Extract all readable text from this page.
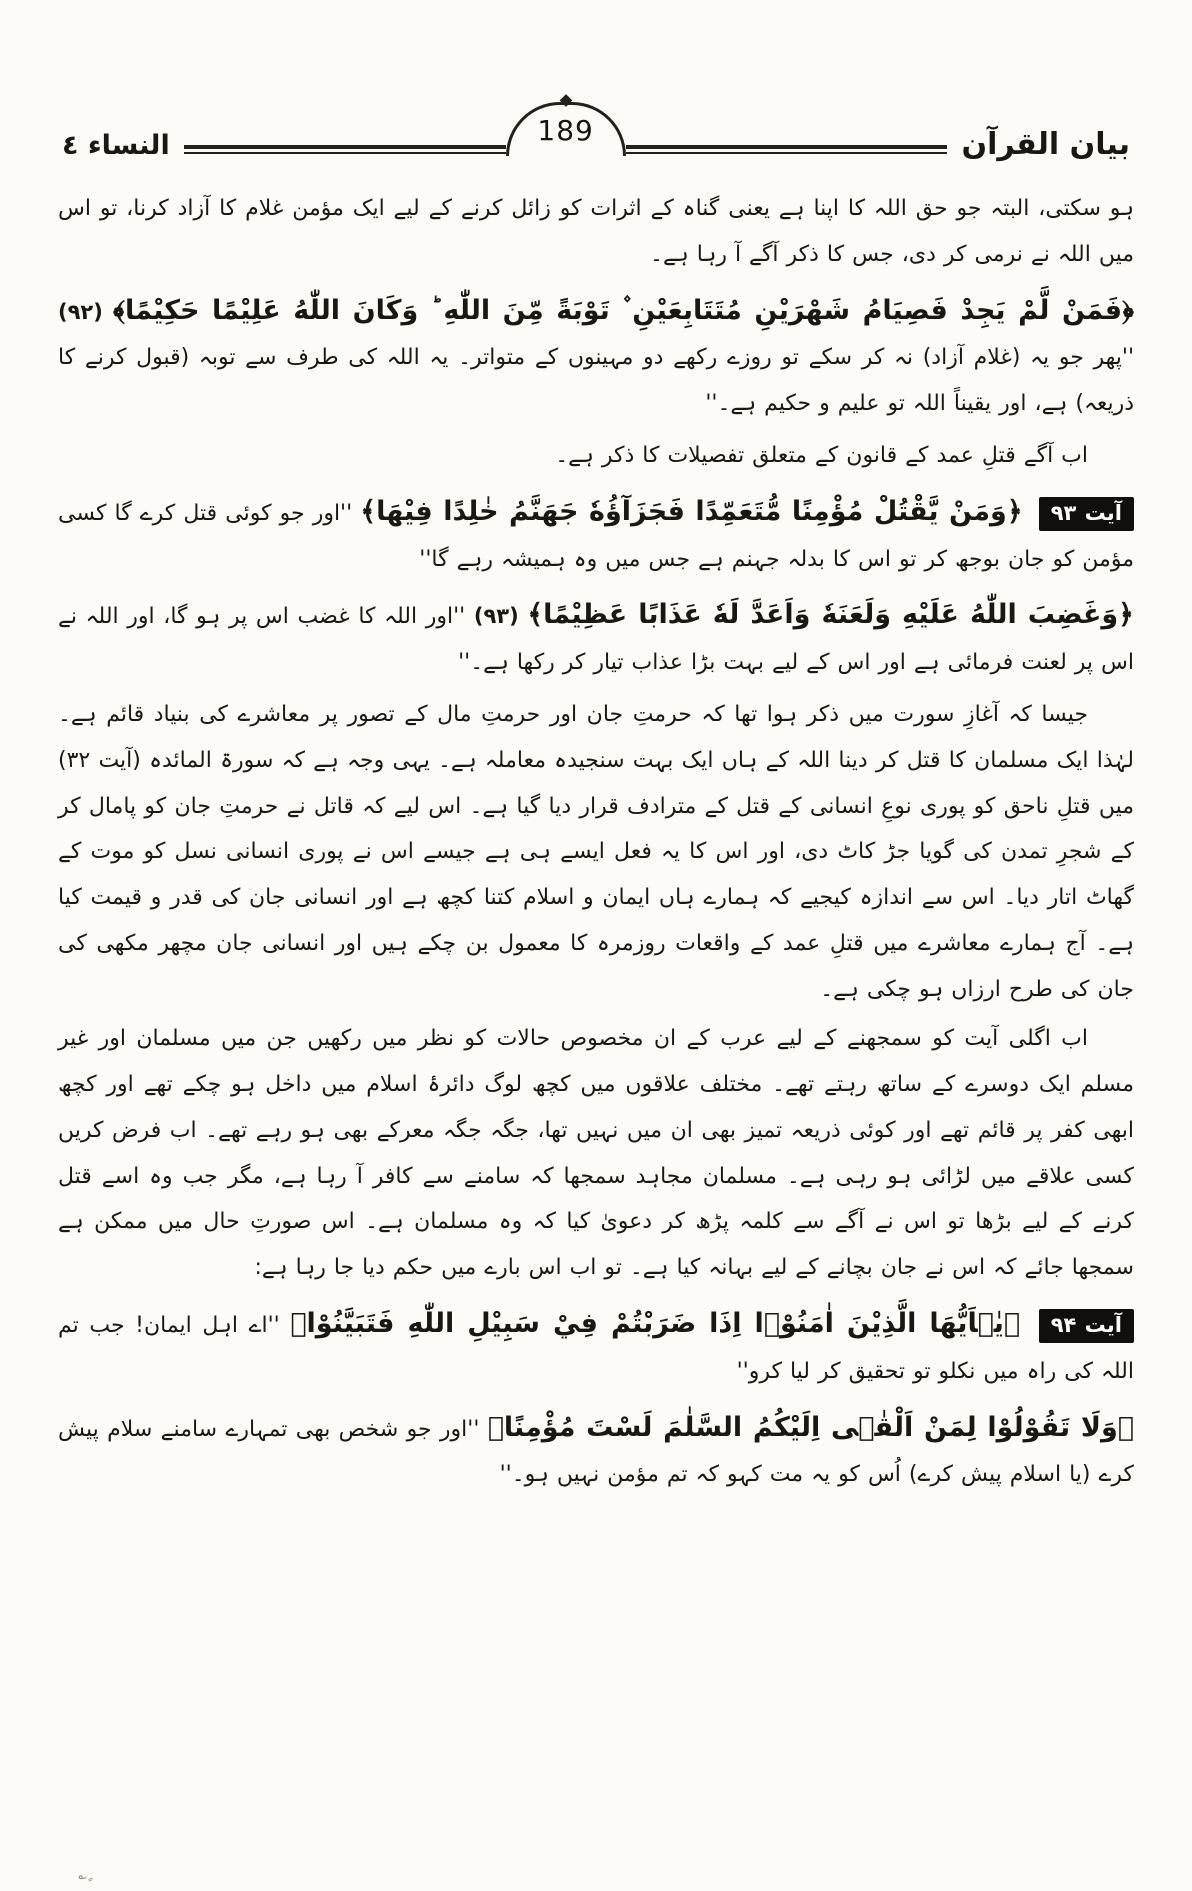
بیان القرآن
189
النساء ٤

ہو سکتی، البتہ جو حق اللہ کا اپنا ہے یعنی گناہ کے اثرات کو زائل کرنے کے لیے ایک مؤمن غلام کا آزاد کرنا، تو اس میں اللہ نے نرمی کر دی، جس کا ذکر آگے آ رہا ہے۔

﴿فَمَنْ لَّمْ يَجِدْ فَصِيَامُ شَهْرَيْنِ مُتَتَابِعَيْنِ ۫ تَوْبَةً مِّنَ اللّٰهِ ؕ وَكَانَ اللّٰهُ عَلِيْمًا حَكِيْمًا﴾ (۹۲) ''پھر جو یہ (غلام آزاد) نہ کر سکے تو روزے رکھے دو مہینوں کے متواتر۔ یہ اللہ کی طرف سے توبہ (قبول کرنے کا ذریعہ) ہے، اور یقیناً اللہ تو علیم و حکیم ہے۔''

اب آگے قتلِ عمد کے قانون کے متعلق تفصیلات کا ذکر ہے۔

آیت ۹۳ ﴿وَمَنْ يَّقْتُلْ مُؤْمِنًا مُّتَعَمِّدًا فَجَزَآؤُهٗ جَهَنَّمُ خٰلِدًا فِيْهَا﴾ ''اور جو کوئی قتل کرے گا کسی مؤمن کو جان بوجھ کر تو اس کا بدلہ جہنم ہے جس میں وہ ہمیشہ رہے گا''

﴿وَغَضِبَ اللّٰهُ عَلَيْهِ وَلَعَنَهٗ وَاَعَدَّ لَهٗ عَذَابًا عَظِيْمًا﴾ (۹۳) ''اور اللہ کا غضب اس پر ہو گا، اور اللہ نے اس پر لعنت فرمائی ہے اور اس کے لیے بہت بڑا عذاب تیار کر رکھا ہے۔''

جیسا کہ آغازِ سورت میں ذکر ہوا تھا کہ حرمتِ جان اور حرمتِ مال کے تصور پر معاشرے کی بنیاد قائم ہے۔ لہٰذا ایک مسلمان کا قتل کر دینا اللہ کے ہاں ایک بہت سنجیدہ معاملہ ہے۔ یہی وجہ ہے کہ سورۃ المائدہ (آیت ۳۲) میں قتلِ ناحق کو پوری نوعِ انسانی کے قتل کے مترادف قرار دیا گیا ہے۔ اس لیے کہ قاتل نے حرمتِ جان کو پامال کر کے شجرِ تمدن کی گویا جڑ کاٹ دی، اور اس کا یہ فعل ایسے ہی ہے جیسے اس نے پوری انسانی نسل کو موت کے گھاٹ اتار دیا۔ اس سے اندازہ کیجیے کہ ہمارے ہاں ایمان و اسلام کتنا کچھ ہے اور انسانی جان کی قدر و قیمت کیا ہے۔ آج ہمارے معاشرے میں قتلِ عمد کے واقعات روزمرہ کا معمول بن چکے ہیں اور انسانی جان مچھر مکھی کی جان کی طرح ارزاں ہو چکی ہے۔

اب اگلی آیت کو سمجھنے کے لیے عرب کے ان مخصوص حالات کو نظر میں رکھیں جن میں مسلمان اور غیر مسلم ایک دوسرے کے ساتھ رہتے تھے۔ مختلف علاقوں میں کچھ لوگ دائرۂ اسلام میں داخل ہو چکے تھے اور کچھ ابھی کفر پر قائم تھے اور کوئی ذریعہ تمیز بھی ان میں نہیں تھا، جگہ جگہ معرکے بھی ہو رہے تھے۔ اب فرض کریں کسی علاقے میں لڑائی ہو رہی ہے۔ مسلمان مجاہد سمجھا کہ سامنے سے کافر آ رہا ہے، مگر جب وہ اسے قتل کرنے کے لیے بڑھا تو اس نے آگے سے کلمہ پڑھ کر دعویٰ کیا کہ وہ مسلمان ہے۔ اس صورتِ حال میں ممکن ہے سمجھا جائے کہ اس نے جان بچانے کے لیے بہانہ کیا ہے۔ تو اب اس بارے میں حکم دیا جا رہا ہے:

آیت ۹۴ ﴿يٰۤاَيُّهَا الَّذِيْنَ اٰمَنُوْۤا اِذَا ضَرَبْتُمْ فِيْ سَبِيْلِ اللّٰهِ فَتَبَيَّنُوْا﴾ ''اے اہل ایمان! جب تم اللہ کی راہ میں نکلو تو تحقیق کر لیا کرو''

﴿وَلَا تَقُوْلُوْا لِمَنْ اَلْقٰۤى اِلَيْكُمُ السَّلٰمَ لَسْتَ مُؤْمِنًا﴾ ''اور جو شخص بھی تمہارے سامنے سلام پیش کرے (یا اسلام پیش کرے) اُس کو یہ مت کہو کہ تم مؤمن نہیں ہو۔''

ٍ؎
